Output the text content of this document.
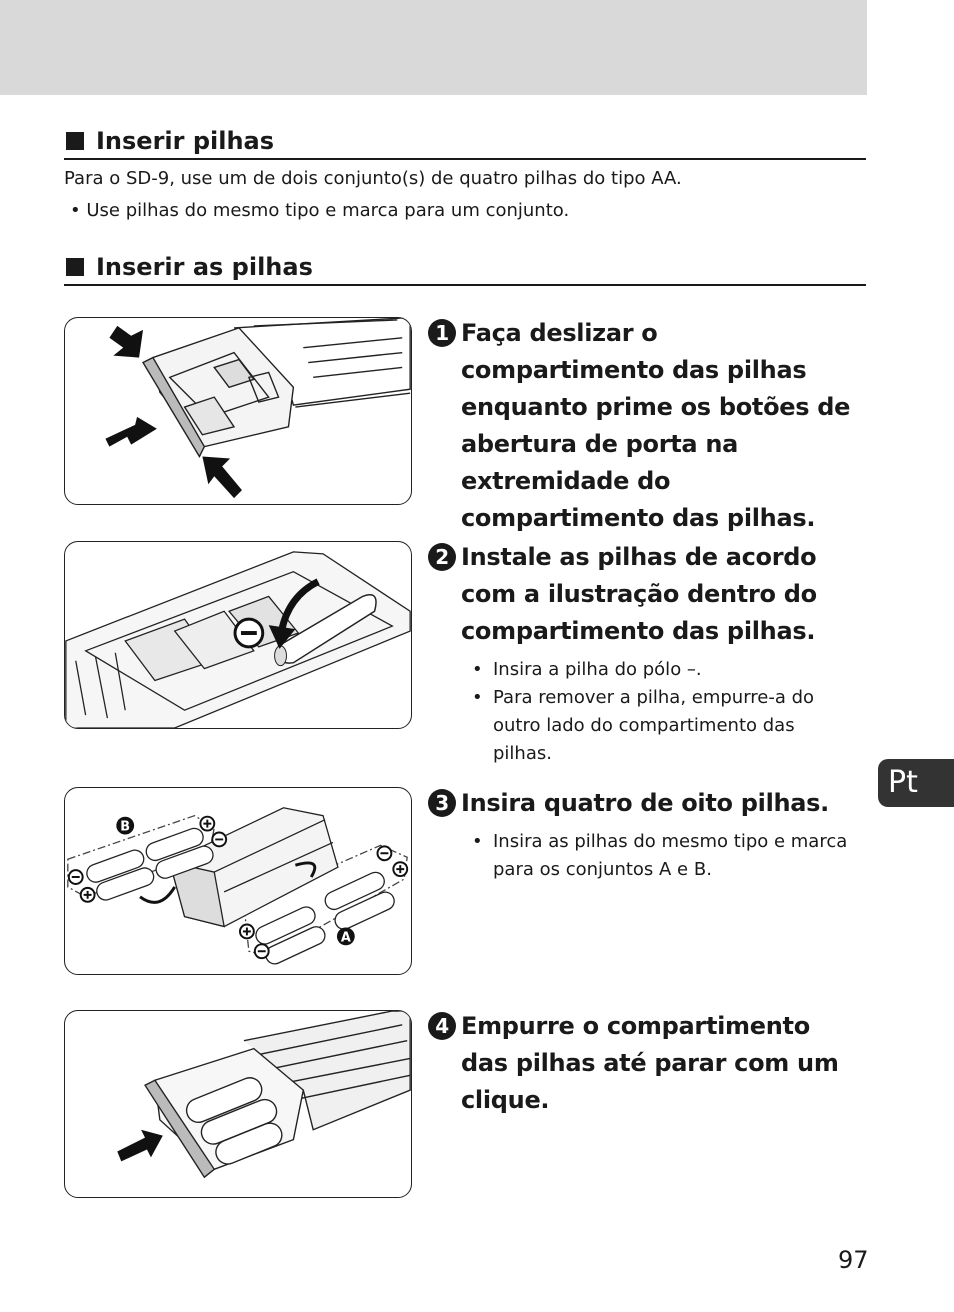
Inserir pilhas
Para o SD-9, use um de dois conjunto(s) de quatro pilhas do tipo AA.
• Use pilhas do mesmo tipo e marca para um conjunto.
Inserir as pilhas
1 Faça deslizar o compartimento das pilhas enquanto prime os botões de abertura de porta na extremidade do compartimento das pilhas.
2 Instale as pilhas de acordo com a ilustração dentro do compartimento das pilhas.
• Insira a pilha do pólo –.
• Para remover a pilha, empurre-a do outro lado do compartimento das pilhas.
B
A
3 Insira quatro de oito pilhas.
• Insira as pilhas do mesmo tipo e marca para os conjuntos A e B.
4 Empurre o compartimento das pilhas até parar com um clique.
Pt
97
